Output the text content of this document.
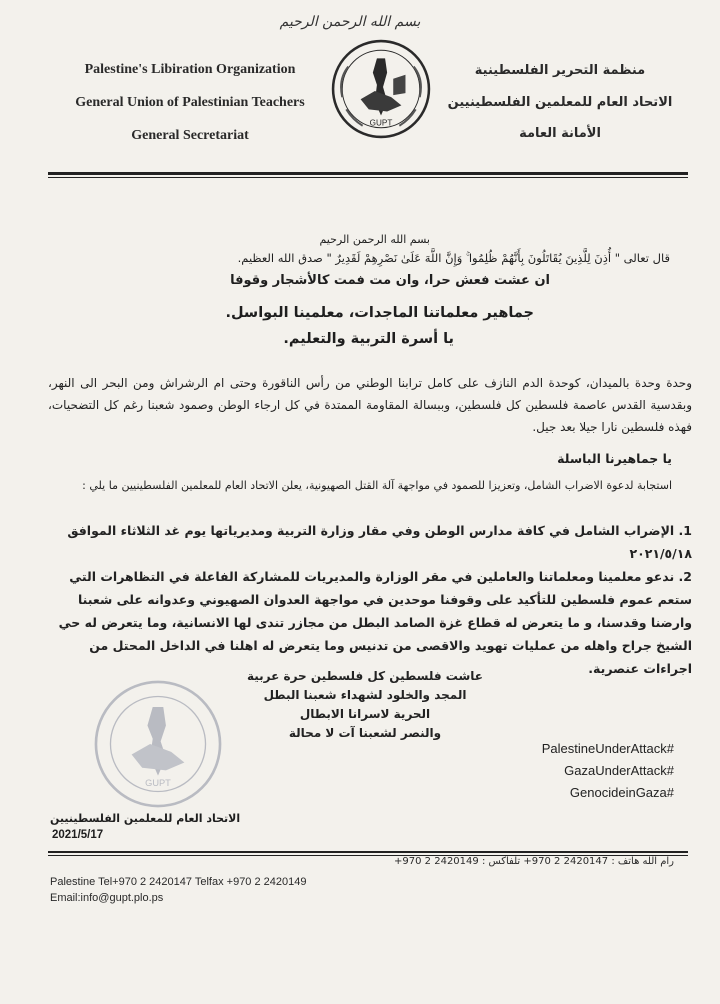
بسم الله الرحمن الرحيم
Palestine's Libiration Organization
General Union of Palestinian Teachers
General Secretariat
منظمة التحرير الفلسطينية
الاتحاد العام للمعلمين الفلسطينيين
الأمانة العامة
GUPT
بسم الله الرحمن الرحيم
قال تعالى " أُذِنَ لِلَّذِينَ يُقَاتَلُونَ بِأَنَّهُمْ ظُلِمُوا ۚ وَإِنَّ اللَّهَ عَلَىٰ نَصْرِهِمْ لَقَدِيرٌ " صدق الله العظيم.
ان عشت فعش حرا، وان مت فمت كالأشجار وقوفا
جماهير معلماتنا الماجدات، معلمينا البواسل.
يا أسرة التربية والتعليم.
وحدة وحدة بالميدان، كوحدة الدم النازف على كامل ترابنا الوطني من رأس الناقورة وحتى ام الرشراش ومن البحر الى النهر، وبقدسية القدس عاصمة فلسطين كل فلسطين، وببسالة المقاومة الممتدة في كل ارجاء الوطن وصمود شعبنا رغم كل التضحيات، فهذه فلسطين نارا جيلا بعد جيل.
يا جماهيرنا الباسلة
استجابة لدعوة الاضراب الشامل، وتعزيزا للصمود في مواجهة آلة القتل الصهيونية، يعلن الاتحاد العام للمعلمين الفلسطينيين ما يلي :

1. الإضراب الشامل في كافة مدارس الوطن وفي مقار وزارة التربية ومديرياتها يوم غد الثلاثاء الموافق ٢٠٢١/٥/١٨

2. ندعو معلمينا ومعلماتنا والعاملين في مقر الوزارة والمديريات للمشاركة الفاعلة في التظاهرات التي ستعم عموم فلسطين للتأكيد على وقوفنا موحدين في مواجهة العدوان الصهيوني وعدوانه على شعبنا وارضنا وقدسنا، و ما يتعرض له قطاع غزة الصامد البطل من مجازر تندى لها الانسانية، وما يتعرض له حي الشيخ جراح واهله من عمليات تهويد والاقصى من تدنيس وما يتعرض له اهلنا في الداخل المحتل من اجراءات عنصرية.

عاشت فلسطين كل فلسطين حرة عربية
المجد والخلود لشهداء شعبنا البطل
الحرية لاسرانا الابطال
والنصر لشعبنا آت لا محالة
PalestineUnderAttack#
GazaUnderAttack#
GenocideinGaza#
GUPT
الاتحاد العام للمعلمين الفلسطينيين
2021/5/17
رام الله هاتف : 2420147 2 970+ تلفاكس : 2420149 2 970+
Palestine Tel+970 2 2420147 Telfax +970 2 2420149
Email:info@gupt.plo.ps
